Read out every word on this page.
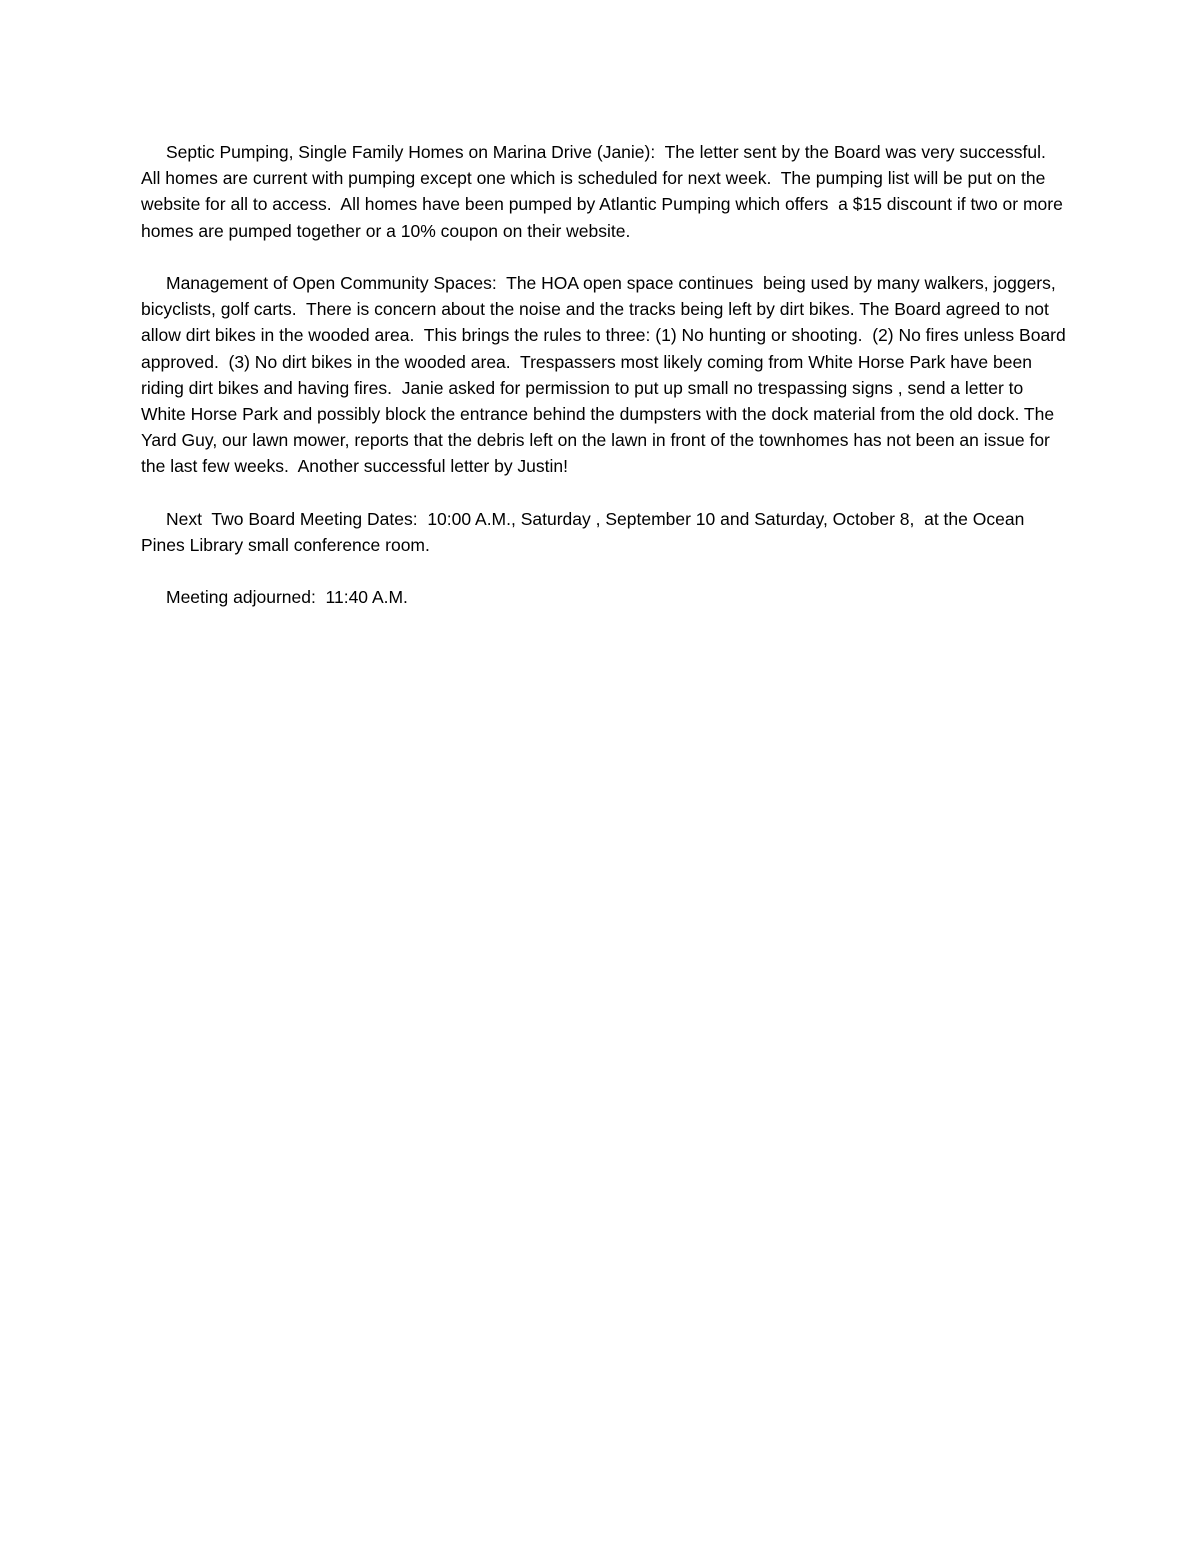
Septic Pumping, Single Family Homes on Marina Drive (Janie):  The letter sent by the Board was very successful.  All homes are current with pumping except one which is scheduled for next week.  The pumping list will be put on the website for all to access.  All homes have been pumped by Atlantic Pumping which offers  a $15 discount if two or more homes are pumped together or a 10% coupon on their website.

Management of Open Community Spaces:  The HOA open space continues  being used by many walkers, joggers, bicyclists, golf carts.  There is concern about the noise and the tracks being left by dirt bikes. The Board agreed to not allow dirt bikes in the wooded area.  This brings the rules to three: (1) No hunting or shooting.  (2) No fires unless Board approved.  (3) No dirt bikes in the wooded area.  Trespassers most likely coming from White Horse Park have been riding dirt bikes and having fires.  Janie asked for permission to put up small no trespassing signs , send a letter to White Horse Park and possibly block the entrance behind the dumpsters with the dock material from the old dock. The Yard Guy, our lawn mower, reports that the debris left on the lawn in front of the townhomes has not been an issue for the last few weeks.  Another successful letter by Justin!

Next  Two Board Meeting Dates:  10:00 A.M., Saturday , September 10 and Saturday, October 8,  at the Ocean Pines Library small conference room.

Meeting adjourned:  11:40 A.M.
